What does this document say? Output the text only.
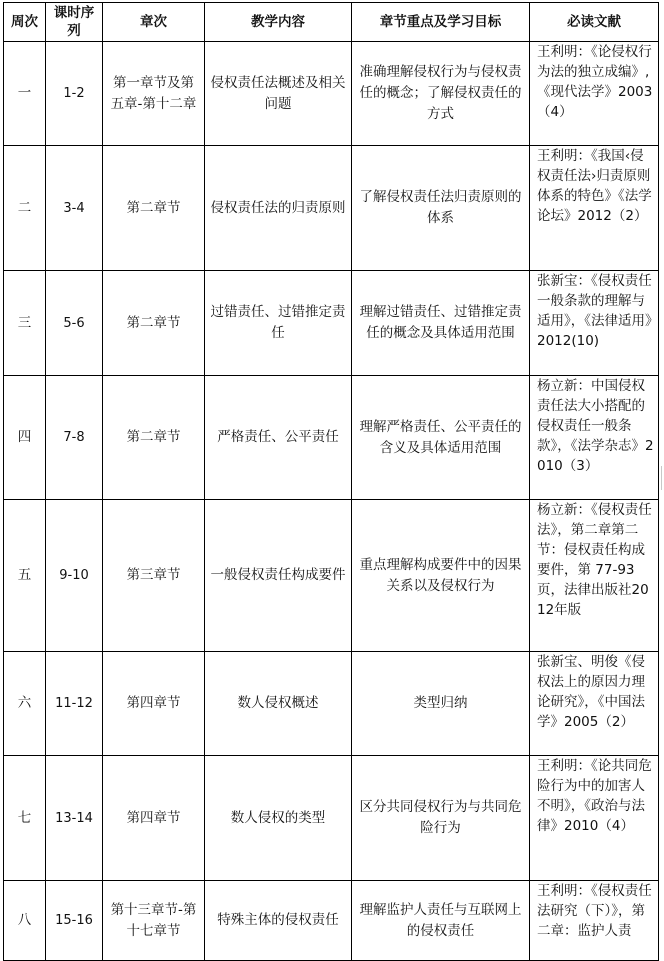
周次	课时序列	章次	教学内容	章节重点及学习目标	必读文献
一	1-2	第一章节及第五章-第十二章	侵权责任法概述及相关问题	准确理解侵权行为与侵权责任的概念；了解侵权责任的方式	王利明：《论侵权行为法的独立成编》,《现代法学》2003（4）
二	3-4	第二章节	侵权责任法的归责原则	了解侵权责任法归责原则的体系	王利明：《我国‹侵权责任法›归责原则体系的特色》《法学论坛》2012（2）
三	5-6	第二章节	过错责任、过错推定责任	理解过错责任、过错推定责任的概念及具体适用范围	张新宝：《侵权责任一般条款的理解与适用》，《法律适用》2012(10)
四	7-8	第二章节	严格责任、公平责任	理解严格责任、公平责任的含义及具体适用范围	杨立新：中国侵权责任法大小搭配的侵权责任一般条款》，《法学杂志》2010（3）
五	9-10	第三章节	一般侵权责任构成要件	重点理解构成要件中的因果关系以及侵权行为	杨立新：《侵权责任法》，第二章第二节：侵权责任构成要件，第 77-93 页，法律出版社2012年版
六	11-12	第四章节	数人侵权概述	类型归纳	张新宝、明俊《侵权法上的原因力理论研究》，《中国法学》2005（2）
七	13-14	第四章节	数人侵权的类型	区分共同侵权行为与共同危险行为	王利明：《论共同危险行为中的加害人不明》，《政治与法律》2010（4）
八	15-16	第十三章节-第十七章节	特殊主体的侵权责任	理解监护人责任与互联网上的侵权责任	王利明：《侵权责任法研究（下）》，第二章：监护人责
